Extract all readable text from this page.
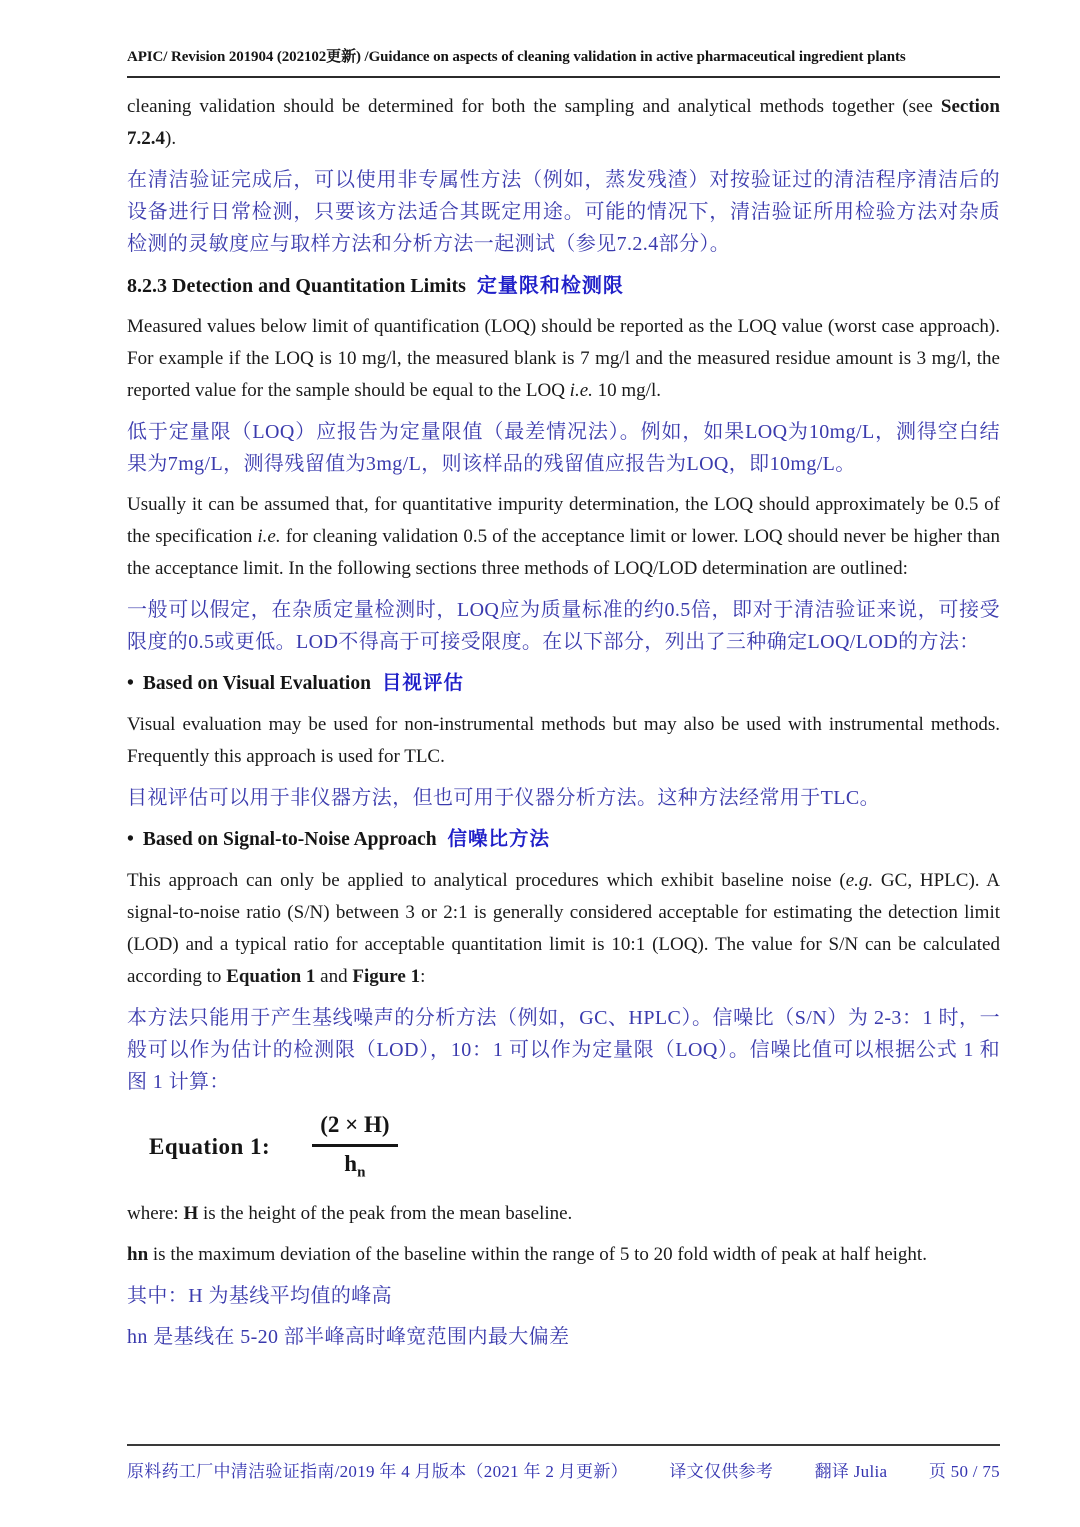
APIC/ Revision 201904 (202102更新) /Guidance on aspects of cleaning validation in active pharmaceutical ingredient plants

cleaning validation should be determined for both the sampling and analytical methods together (see Section 7.2.4).

在清洁验证完成后，可以使用非专属性方法（例如，蒸发残渣）对按验证过的清洁程序清洁后的设备进行日常检测，只要该方法适合其既定用途。可能的情况下，清洁验证所用检验方法对杂质检测的灵敏度应与取样方法和分析方法一起测试（参见7.2.4部分）。

8.2.3 Detection and Quantitation Limits 定量限和检测限

Measured values below limit of quantification (LOQ) should be reported as the LOQ value (worst case approach). For example if the LOQ is 10 mg/l, the measured blank is 7 mg/l and the measured residue amount is 3 mg/l, the reported value for the sample should be equal to the LOQ i.e. 10 mg/l.

低于定量限（LOQ）应报告为定量限值（最差情况法）。例如，如果LOQ为10mg/L，测得空白结果为7mg/L，测得残留值为3mg/L，则该样品的残留值应报告为LOQ，即10mg/L。

Usually it can be assumed that, for quantitative impurity determination, the LOQ should approximately be 0.5 of the specification i.e. for cleaning validation 0.5 of the acceptance limit or lower. LOQ should never be higher than the acceptance limit. In the following sections three methods of LOQ/LOD determination are outlined:

一般可以假定，在杂质定量检测时，LOQ应为质量标准的约0.5倍，即对于清洁验证来说，可接受限度的0.5或更低。LOD不得高于可接受限度。在以下部分，列出了三种确定LOQ/LOD的方法：

• Based on Visual Evaluation 目视评估

Visual evaluation may be used for non-instrumental methods but may also be used with instrumental methods. Frequently this approach is used for TLC.

目视评估可以用于非仪器方法，但也可用于仪器分析方法。这种方法经常用于TLC。

• Based on Signal-to-Noise Approach 信噪比方法

This approach can only be applied to analytical procedures which exhibit baseline noise (e.g. GC, HPLC). A signal-to-noise ratio (S/N) between 3 or 2:1 is generally considered acceptable for estimating the detection limit (LOD) and a typical ratio for acceptable quantitation limit is 10:1 (LOQ). The value for S/N can be calculated according to Equation 1 and Figure 1:

本方法只能用于产生基线噪声的分析方法（例如，GC、HPLC）。信噪比（S/N）为 2-3：1 时，一般可以作为估计的检测限（LOD），10：1 可以作为定量限（LOQ）。信噪比值可以根据公式 1 和图 1 计算：

Equation 1: $\frac{(2 \times H)}{h_n}$

where: H is the height of the peak from the mean baseline.

hn is the maximum deviation of the baseline within the range of 5 to 20 fold width of peak at half height.

其中：H 为基线平均值的峰高

hn 是基线在 5-20 部半峰高时峰宽范围内最大偏差

原料药工厂中清洁验证指南/2019 年 4 月版本（2021 年 2 月更新） 译文仅供参考 翻译 Julia 页 50 / 75
